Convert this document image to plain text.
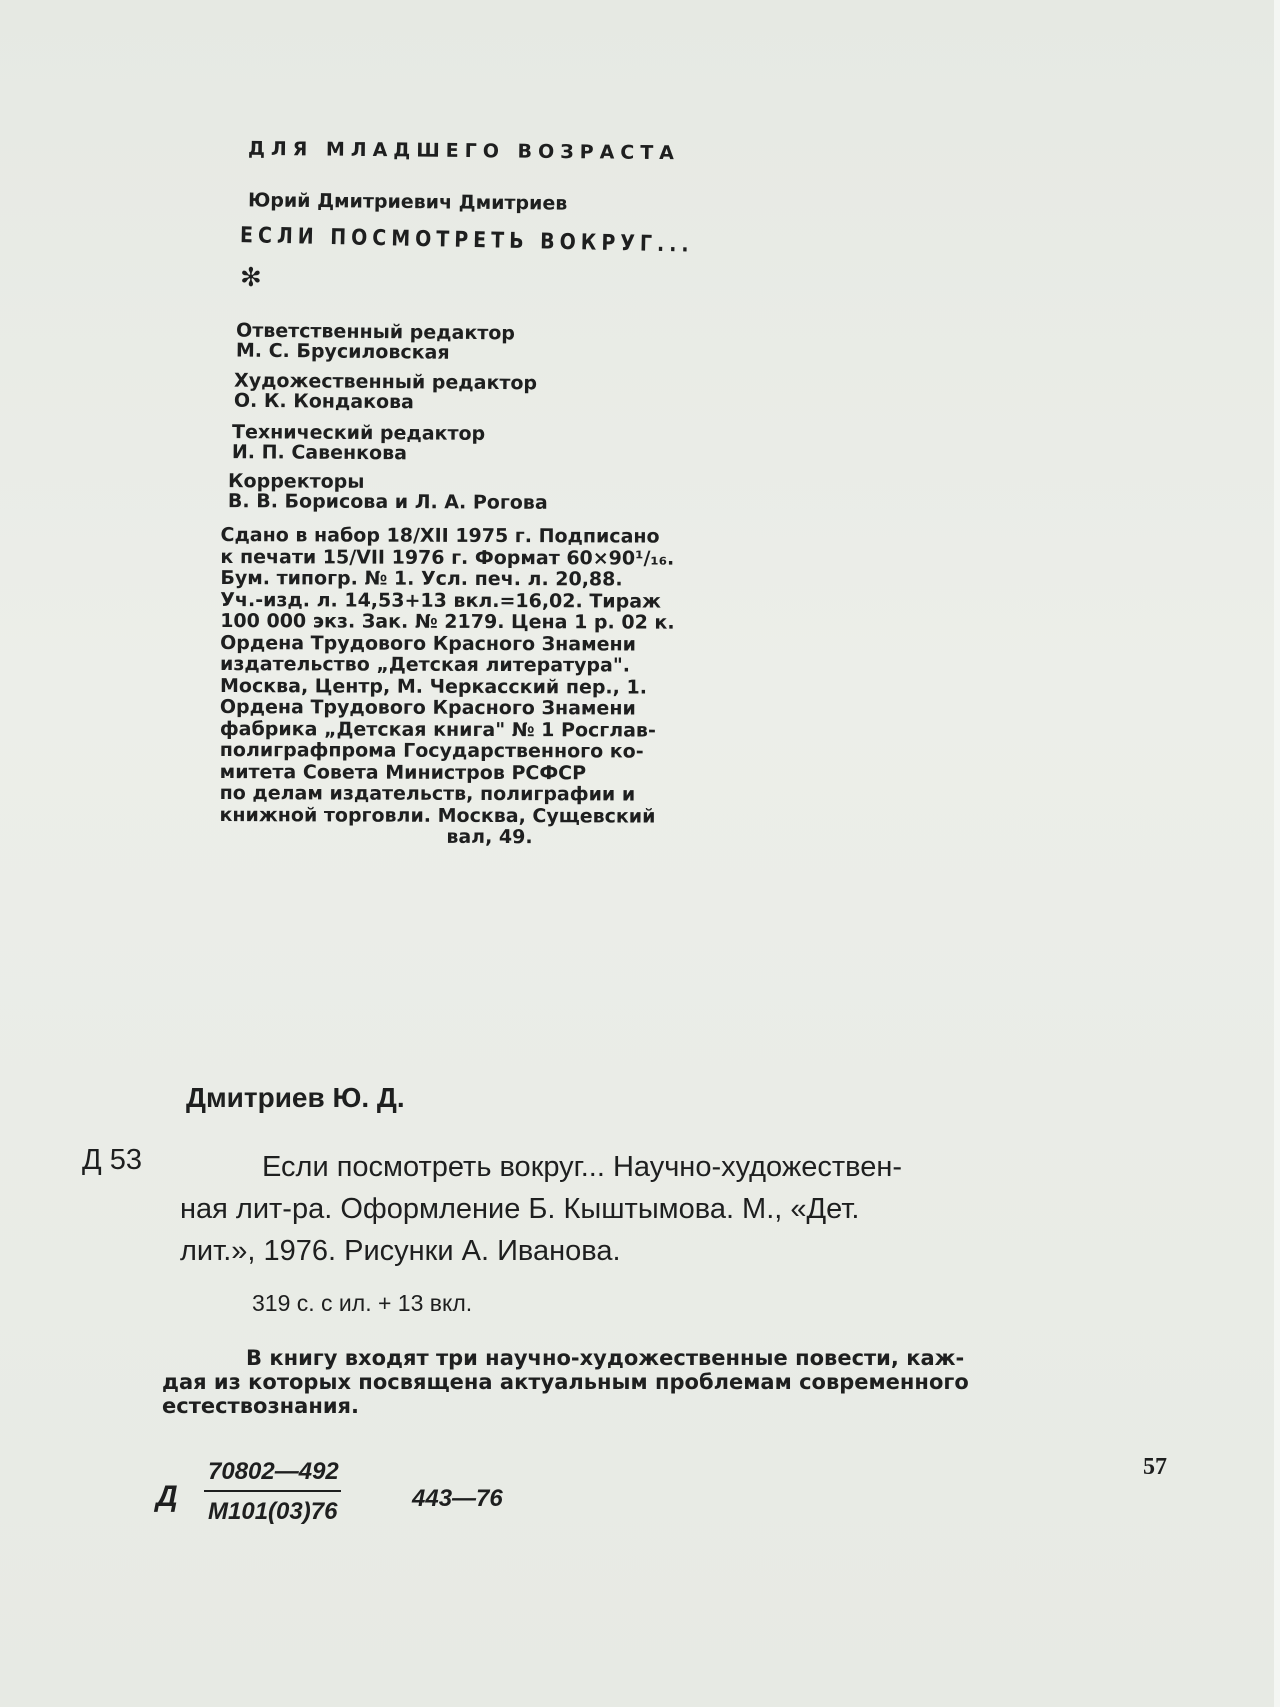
ДЛЯ МЛАДШЕГО ВОЗРАСТА
Юрий Дмитриевич Дмитриев
ЕСЛИ ПОСМОТРЕТЬ ВОКРУГ...
✻
Ответственный редактор
М. С. Брусиловская
Художественный редактор
О. К. Кондакова
Технический редактор
И. П. Савенкова
Корректоры
В. В. Борисова и Л. А. Рогова
Сдано в набор 18/XII 1975 г. Подписано
к печати 15/VII 1976 г. Формат 60×90¹/₁₆.
Бум. типогр. № 1. Усл. печ. л. 20,88.
Уч.-изд. л. 14,53+13 вкл.=16,02. Тираж
100 000 экз. Зак. № 2179. Цена 1 р. 02 к.
Ордена Трудового Красного Знамени
издательство „Детская литература".
Москва, Центр, М. Черкасский пер., 1.
Ордена Трудового Красного Знамени
фабрика „Детская книга" № 1 Росглав-
полиграфпрома Государственного ко-
митета Совета Министров РСФСР
по делам издательств, полиграфии и
книжной торговли. Москва, Сущевский
вал, 49.
Дмитриев Ю. Д.
Д 53	Если посмотреть вокруг... Научно-художествен-
ная лит-ра. Оформление Б. Кыштымова. М., «Дет.
лит.», 1976. Рисунки А. Иванова.
319 с. с ил. + 13 вкл.
В книгу входят три научно-художественные повести, каж-
дая из которых посвящена актуальным проблемам современного
естествознания.
Д
70802—492
М101(03)76	443—76
57
